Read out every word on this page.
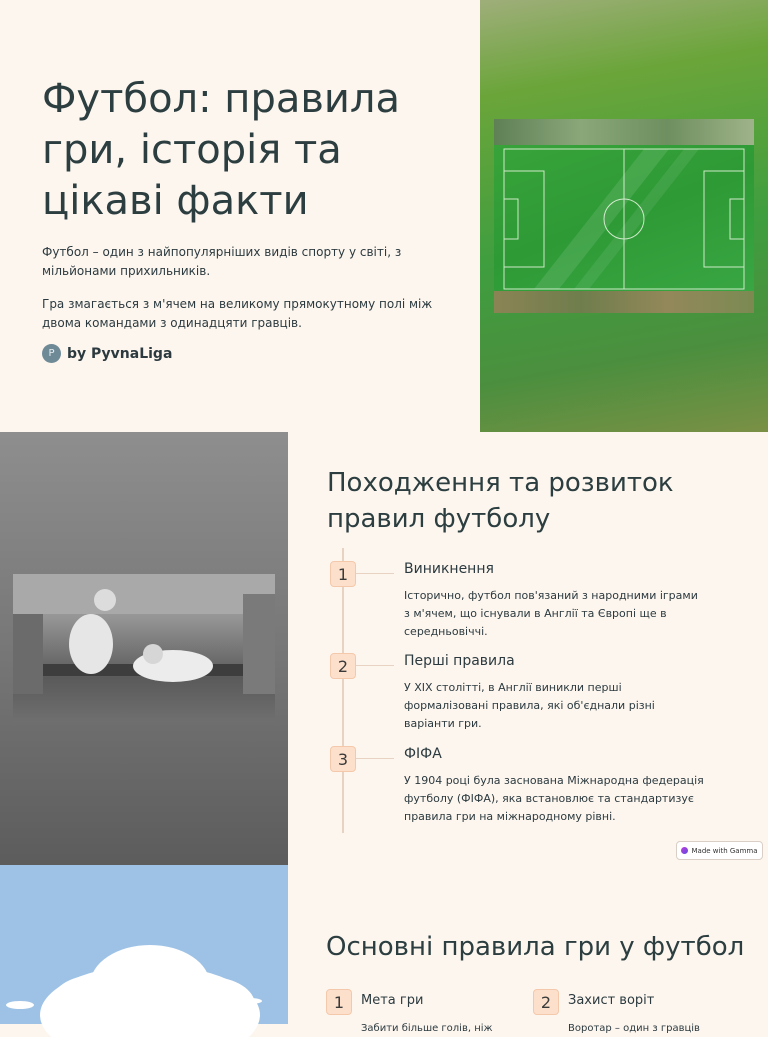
Футбол: правила гри, історія та цікаві факти

Футбол – один з найпопулярніших видів спорту у світі, з мільйонами прихильників.

Гра змагається з м'ячем на великому прямокутному полі між двома командами з одинадцяти гравців.

P by PyvnaLiga
Походження та розвиток правил футболу
1	Виникнення
Історично, футбол пов'язаний з народними іграми з м'ячем, що існували в Англії та Європі ще в середньовіччі.
2	Перші правила
У XIX столітті, в Англії виникли перші формалізовані правила, які об'єднали різні варіанти гри.
3	ФІФА
У 1904 році була заснована Міжнародна федерація футболу (ФІФА), яка встановлює та стандартизує правила гри на міжнародному рівні.
Made with Gamma
Основні правила гри у футбол
1	Мета гри
Забити більше голів, ніж
2	Захист воріт
Воротар – один з гравців
